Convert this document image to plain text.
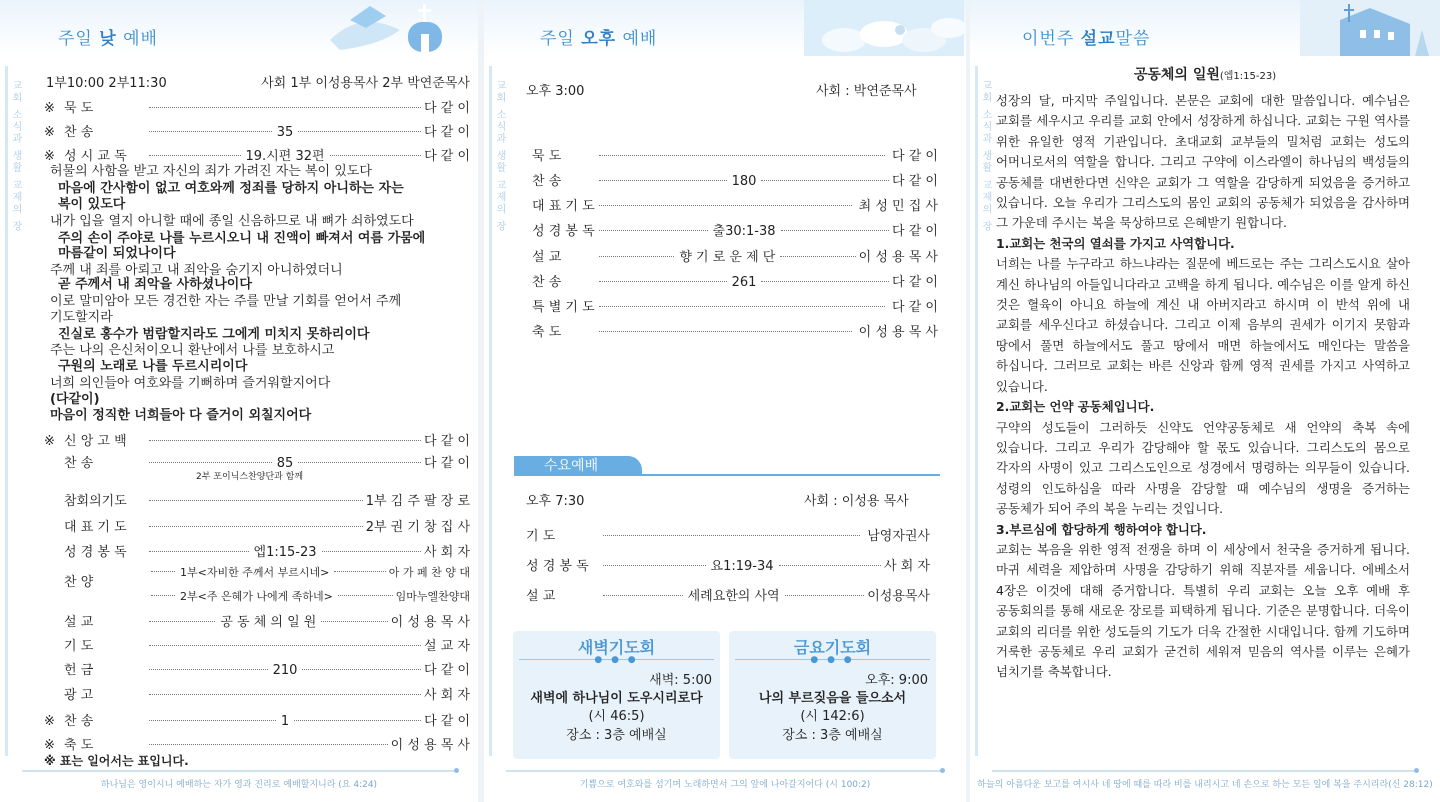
주일 낮 예배
교회 소식과 생활 교제의 장 1부10:00 2부11:30	사회 1부 이성용목사 2부 박연준목사
※ 묵 도	다 같 이
※ 찬 송	35	다 같 이
※ 성 시 교 독	19.시편 32편	다 같 이
허물의 사함을 받고 자신의 죄가 가려진 자는 복이 있도다
마음에 간사함이 없고 여호와께 정죄를 당하지 아니하는 자는
복이 있도다
내가 입을 열지 아니할 때에 종일 신음하므로 내 뼈가 쇠하였도다
주의 손이 주야로 나를 누르시오니 내 진액이 빠져서 여름 가뭄에
마름같이 되었나이다
주께 내 죄를 아뢰고 내 죄악을 숨기지 아니하였더니
곧 주께서 내 죄악을 사하셨나이다
이로 말미암아 모든 경건한 자는 주를 만날 기회를 얻어서 주께
기도할지라
진실로 홍수가 범람할지라도 그에게 미치지 못하리이다
주는 나의 은신처이오니 환난에서 나를 보호하시고
구원의 노래로 나를 두르시리이다
너희 의인들아 여호와를 기뻐하며 즐거워할지어다
(다같이)
마음이 정직한 너희들아 다 즐거이 외칠지어다
※ 신 앙 고 백	다 같 이
찬 송	85	다 같 이
2부 포이닉스찬양단과 함께
참회의기도	1부 김 주 팔 장 로
대 표 기 도	2부 권 기 창 집 사
성 경 봉 독	엡1:15-23	사 회 자
찬 양
1부<자비한 주께서 부르시네>	아 가 페 찬 양 대
2부<주 은혜가 나에게 족하네>	임마누엘찬양대
설 교	공 동 체 의 일 원	이 성 용 목 사
기 도	설 교 자
헌 금	210	다 같 이
광 고	사 회 자
※ 찬 송	1	다 같 이
※ 축 도	이 성 용 목 사
※ 표는 일어서는 표입니다.
하나님은 영이시니 예배하는 자가 영과 진리로 예배할지니라 (요 4:24)
주일 오후 예배
교회 소식과 생활 교제의 장 오후 3:00	사회 : 박연준목사
묵 도	다 같 이
찬 송	180	다 같 이
대 표 기 도	최 성 민 집 사
성 경 봉 독	출30:1-38	다 같 이
설 교	향 기 로 운 제 단	이 성 용 목 사
찬 송	261	다 같 이
특 별 기 도	다 같 이
축 도	이 성 용 목 사
기쁨으로 여호와를 섬기며 노래하면서 그의 앞에 나아갈지어다 (시 100:2)
수요예배
오후 7:30	사회 : 이성용 목사
기 도	남영자권사
성 경 봉 독	요1:19-34	사 회 자
설 교	세례요한의 사역	이성용목사
새벽기도회
● ● ●
새벽: 5:00
새벽에 하나님이 도우시리로다
(시 46:5)
장소 : 3층 예배실
금요기도회
● ● ●
오후: 9:00
나의 부르짖음을 들으소서
(시 142:6)
장소 : 3층 예배실
이번주 설교말씀
교회 소식과 생활 교제의 장
공동체의 일원(엡1:15-23)
하늘의 아름다운 보고를 여시사 네 땅에 때를 따라 비를 내리시고 네 손으로 하는 모든 일에 복을 주시리라(신 28:12)

성장의 달, 마지막 주일입니다. 본문은 교회에 대한 말씀입니다. 예수님은 교회를 세우시고 우리를 교회 안에서 성장하게 하십니다. 교회는 구원 역사를 위한 유일한 영적 기관입니다. 초대교회 교부들의 밀처럼 교회는 성도의 어머니로서의 역할을 합니다. 그리고 구약에 이스라엘이 하나님의 백성들의 공동체를 대변한다면 신약은 교회가 그 역할을 감당하게 되었음을 증거하고 있습니다. 오늘 우리가 그리스도의 몸인 교회의 공동체가 되었음을 감사하며 그 가운데 주시는 복을 묵상하므로 은혜받기 원합니다.

1.교회는 천국의 열쇠를 가지고 사역합니다.

너희는 나를 누구라고 하느냐라는 질문에 베드로는 주는 그리스도시요 살아 계신 하나님의 아들입니다라고 고백을 하게 됩니다. 예수님은 이를 알게 하신 것은 혈육이 아니요 하늘에 계신 내 아버지라고 하시며 이 반석 위에 내 교회를 세우신다고 하셨습니다. 그리고 이제 음부의 권세가 이기지 못함과 땅에서 풀면 하늘에서도 풀고 땅에서 매면 하늘에서도 매인다는 말씀을 하십니다. 그러므로 교회는 바른 신앙과 함께 영적 권세를 가지고 사역하고 있습니다.

2.교회는 언약 공동체입니다.

구약의 성도들이 그러하듯 신약도 언약공동체로 새 언약의 축복 속에 있습니다. 그리고 우리가 감당해야 할 몫도 있습니다. 그리스도의 몸으로 각자의 사명이 있고 그리스도인으로 성경에서 명령하는 의무들이 있습니다. 성령의 인도하심을 따라 사명을 감당할 때 예수님의 생명을 증거하는 공동체가 되어 주의 복을 누리는 것입니다.

3.부르심에 합당하게 행하여야 합니다.

교회는 복음을 위한 영적 전쟁을 하며 이 세상에서 천국을 증거하게 됩니다. 마귀 세력을 제압하며 사명을 감당하기 위해 직분자를 세웁니다. 에베소서 4장은 이것에 대해 증거합니다. 특별히 우리 교회는 오늘 오후 예배 후 공동회의를 통해 새로운 장로를 피택하게 됩니다. 기준은 분명합니다. 더욱이 교회의 리더를 위한 성도들의 기도가 더욱 간절한 시대입니다. 함께 기도하며 거룩한 공동체로 우리 교회가 굳건히 세워져 믿음의 역사를 이루는 은혜가 넘치기를 축복합니다.
